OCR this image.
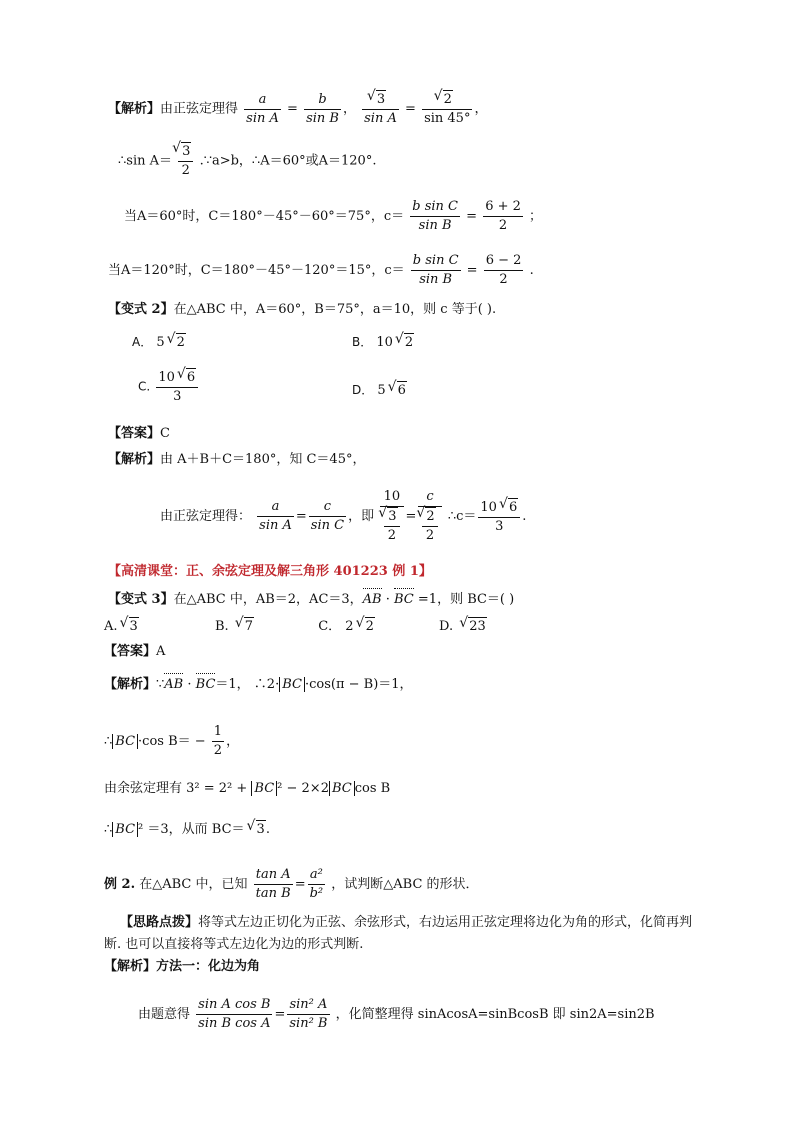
【解析】由正弦定理得 $\frac{a}{\text{sin A}} = \frac{b}{\text{sin B}}$ ， √ $\frac{3}{\text{sin A}}$ = √ $\frac{2}{\sin 45^\circ}$ ，
∴sin A＝ √ $\frac{3}{2}$ .∵a>b，∴A＝60°或A＝120°.
当A＝60°时，C＝180°－45°－60°＝75°，$c= \frac{\text{b sin C}}{\text{sin B}} = \frac{6 + 2}{2}$ ；
当A＝120°时，C＝180°－45°－120°＝15°，$c= \frac{\text{b sin C}}{\text{sin B}} = \frac{6 - 2}{2}$ .
【变式 2】在△ABC 中，A＝60°，B＝75°，a＝10，则 c 等于( ).
A． 5 √ 2	B． 10 √ 2
C. $\frac{10 √ 6}{3}$	D． 5 √ 6
【答案】C
【解析】由 A＋B＋C＝180°，知 C＝45°，
由正弦定理得： $\frac{a}{\text{sin A}} = \frac{c}{\text{sin C}}$ ，即 10
√ $\frac{3}{2} = c$
√ $\frac{2}{2}$ ∴c＝ $\frac{10 √ 6}{3}$ .
【高清课堂：正、余弦定理及解三角形 401223 例 1】
【变式 3】在△ABC 中，AB＝2，AC＝3，AB · BC =1，则 BC＝( )
A. √ 3	B. √ 7	C． 2 √ 2	D. √ 23
【答案】A
【解析】∵AB · BC＝1， ∴2· BC ·cos(π − B)＝1，
∴ BC ·cos $B= - \frac{1}{2}$ ，
由余弦定理有 3² = 2² + BC ² − 2×2 BC cos B
∴ BC ² ＝3，从而 BC＝ √ 3.
例 2. 在△ABC 中，已知 $\frac{\text{tan A}}{\text{tan B}} = \frac{\text{a²}}{\text{b²}}$ ，试判断△ABC 的形状．
【思路点拨】将等式左边正切化为正弦、余弦形式，右边运用正弦定理将边化为角的形式，化简再判
断. 也可以直接将等式左边化为边的形式判断.
【解析】方法一：化边为角
由题意得 $\frac{\text{sin A cos B}}{\text{sin B cos A}} = \frac{\text{sin² A}}{\text{sin² B}}$ ，化简整理得 sinAcosA=sinBcosB 即 sin2A=sin2B
